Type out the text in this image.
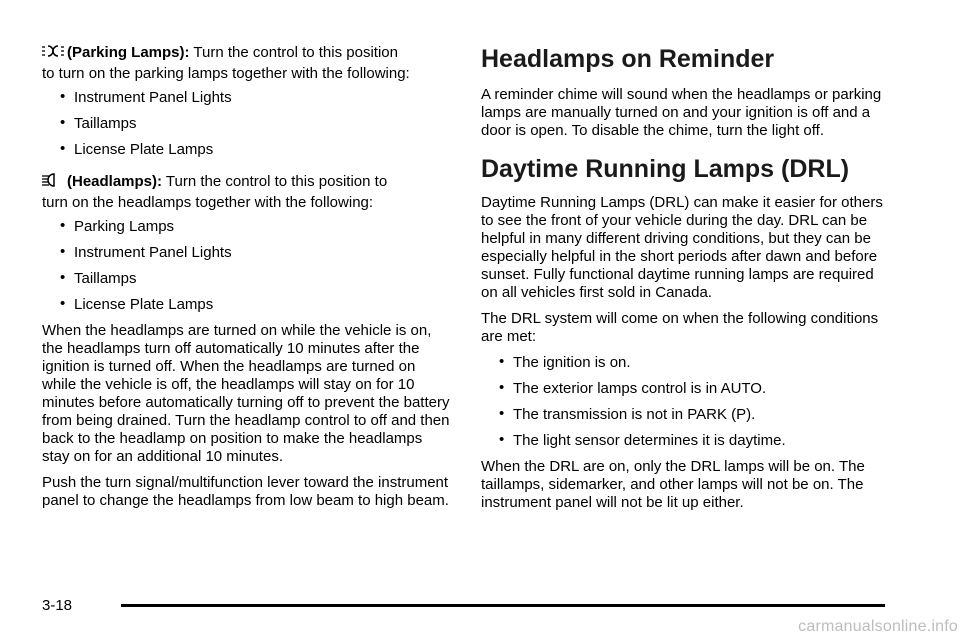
(Parking Lamps): Turn the control to this position

to turn on the parking lamps together with the following:

• Instrument Panel Lights
• Taillamps
• License Plate Lamps

(Headlamps): Turn the control to this position to

turn on the headlamps together with the following:

• Parking Lamps
• Instrument Panel Lights
• Taillamps
• License Plate Lamps

When the headlamps are turned on while the vehicle is on, the headlamps turn off automatically 10 minutes after the ignition is turned off. When the headlamps are turned on while the vehicle is off, the headlamps will stay on for 10 minutes before automatically turning off to prevent the battery from being drained. Turn the headlamp control to off and then back to the headlamp on position to make the headlamps stay on for an additional 10 minutes.

Push the turn signal/multifunction lever toward the instrument panel to change the headlamps from low beam to high beam.

Headlamps on Reminder

A reminder chime will sound when the headlamps or parking lamps are manually turned on and your ignition is off and a door is open. To disable the chime, turn the light off.

Daytime Running Lamps (DRL)

Daytime Running Lamps (DRL) can make it easier for others to see the front of your vehicle during the day. DRL can be helpful in many different driving conditions, but they can be especially helpful in the short periods after dawn and before sunset. Fully functional daytime running lamps are required on all vehicles first sold in Canada.

The DRL system will come on when the following conditions are met:

• The ignition is on.
• The exterior lamps control is in AUTO.
• The transmission is not in PARK (P).
• The light sensor determines it is daytime.

When the DRL are on, only the DRL lamps will be on. The taillamps, sidemarker, and other lamps will not be on. The instrument panel will not be lit up either.

3-18
carmanualsonline.info
